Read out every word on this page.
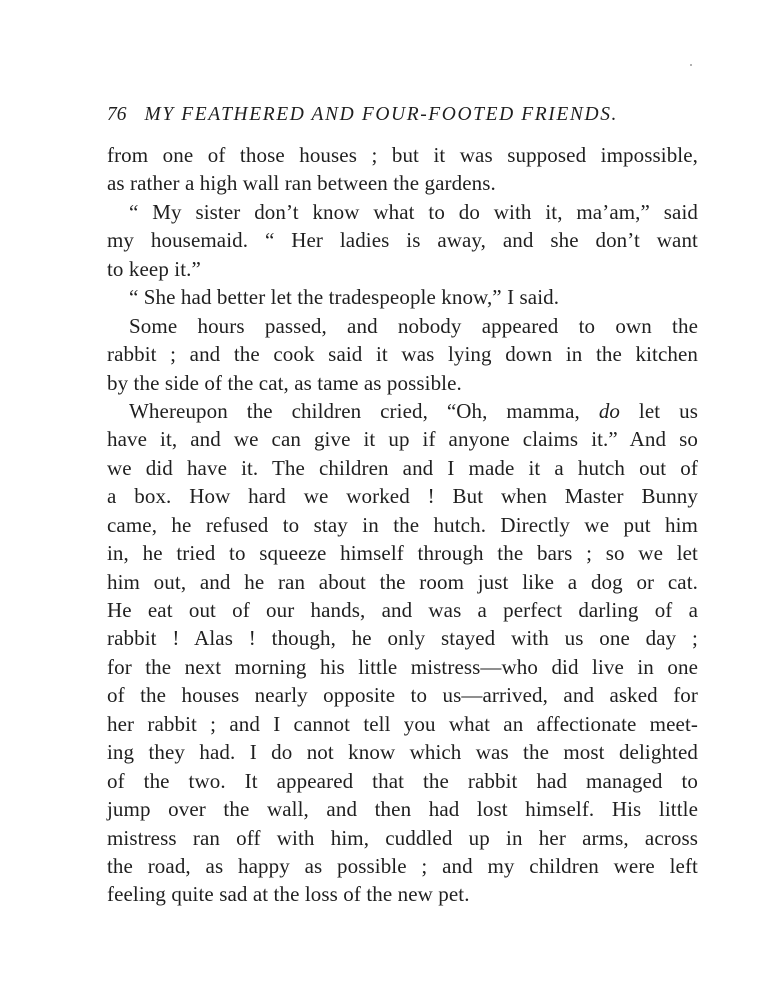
76 MY FEATHERED AND FOUR-FOOTED FRIENDS.
from one of those houses ; but it was supposed impossible,
as rather a high wall ran between the gardens.
“ My sister don’t know what to do with it, ma’am,” said
my housemaid. “ Her ladies is away, and she don’t want
to keep it.”
“ She had better let the tradespeople know,” I said.
Some hours passed, and nobody appeared to own the
rabbit ; and the cook said it was lying down in the kitchen
by the side of the cat, as tame as possible.
Whereupon the children cried, “Oh, mamma, do let us
have it, and we can give it up if anyone claims it.” And so
we did have it. The children and I made it a hutch out of
a box. How hard we worked ! But when Master Bunny
came, he refused to stay in the hutch. Directly we put him
in, he tried to squeeze himself through the bars ; so we let
him out, and he ran about the room just like a dog or cat.
He eat out of our hands, and was a perfect darling of a
rabbit ! Alas ! though, he only stayed with us one day ;
for the next morning his little mistress—who did live in one
of the houses nearly opposite to us—arrived, and asked for
her rabbit ; and I cannot tell you what an affectionate meet-
ing they had. I do not know which was the most delighted
of the two. It appeared that the rabbit had managed to
jump over the wall, and then had lost himself. His little
mistress ran off with him, cuddled up in her arms, across
the road, as happy as possible ; and my children were left
feeling quite sad at the loss of the new pet.
